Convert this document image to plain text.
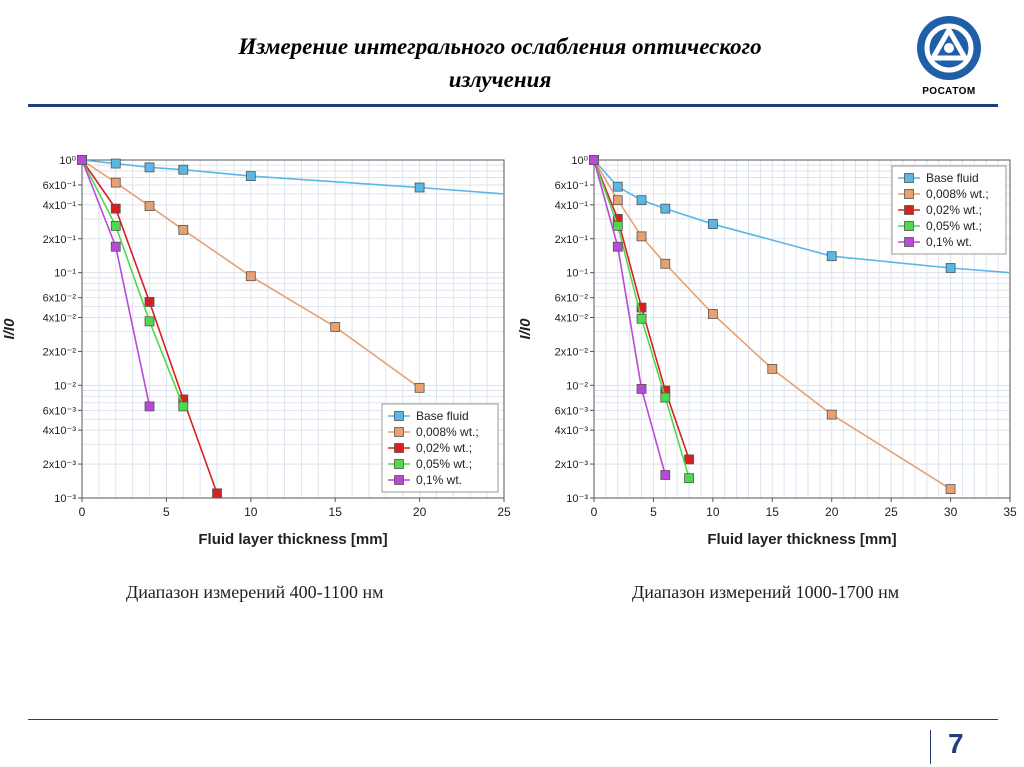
Измерение интегрального ослабления оптического
излучения	РОСАТОМ
0	5	10	15	20	25
10⁰
6x10⁻¹
4x10⁻¹
2x10⁻¹
10⁻¹
6x10⁻²
4x10⁻²
2x10⁻²
10⁻²
6x10⁻³
4x10⁻³
2x10⁻³
10⁻³
Fluid layer thickness [mm]
I/I0
Base fluid
0,008% wt.;
0,02% wt.;
0,05% wt.;
0,1% wt.
0	5	10	15	20	25	30	35
10⁰
6x10⁻¹
4x10⁻¹
2x10⁻¹
10⁻¹
6x10⁻²
4x10⁻²
2x10⁻²
10⁻²
6x10⁻³
4x10⁻³
2x10⁻³
10⁻³
Fluid layer thickness [mm]
I/I0
Base fluid
0,008% wt.;
0,02% wt.;
0,05% wt.;
0,1% wt.
Диапазон измерений 400-1100 нм	Диапазон измерений 1000-1700 нм
7
